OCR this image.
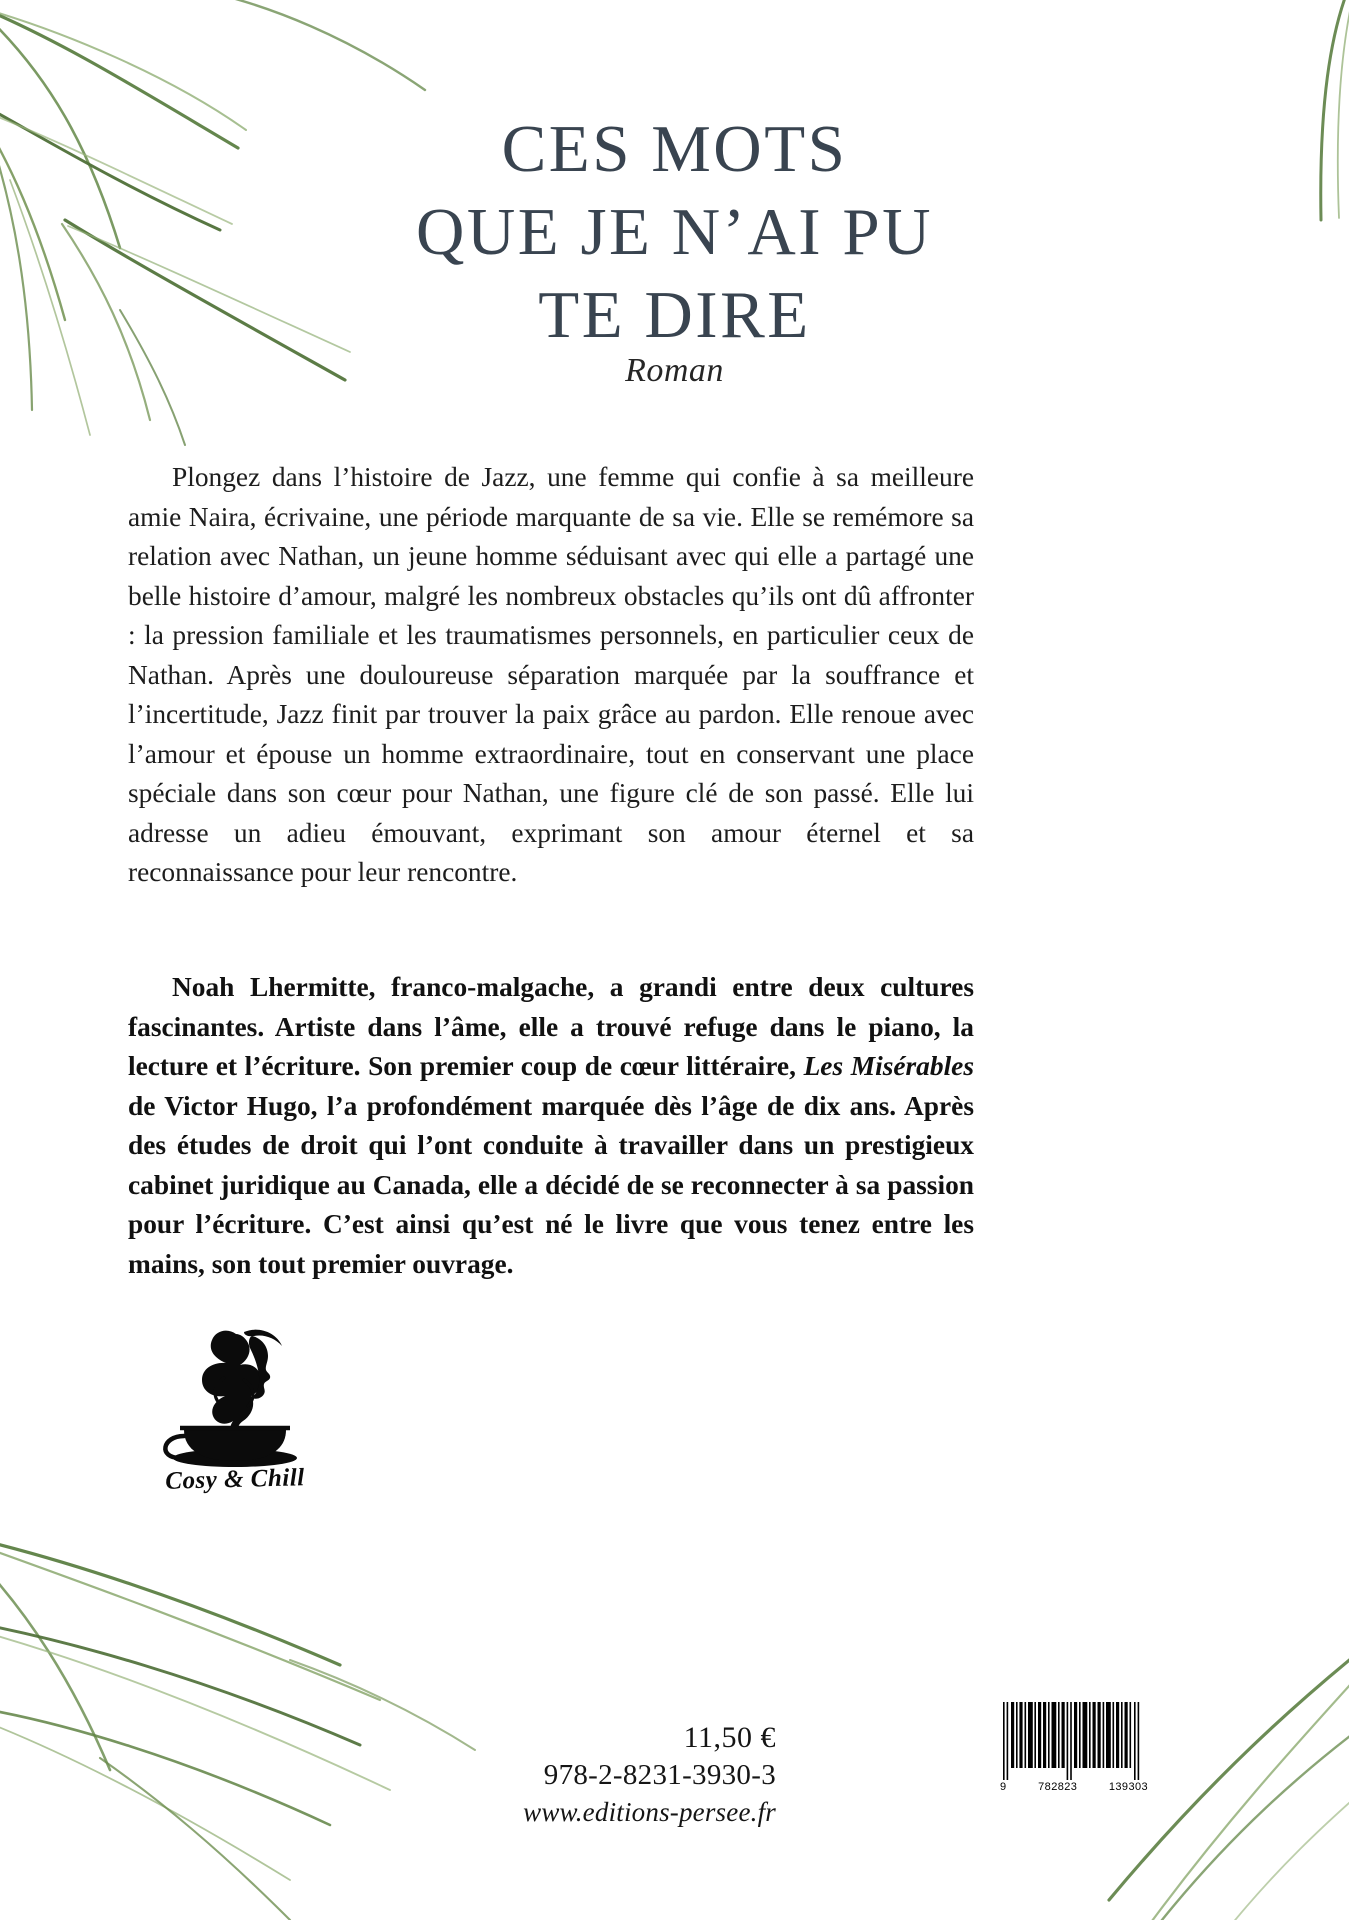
CES MOTS
QUE JE N’AI PU
TE DIRE
Roman
Plongez dans l’histoire de Jazz, une femme qui confie à sa meilleure amie Naira, écrivaine, une période marquante de sa vie. Elle se remémore sa relation avec Nathan, un jeune homme séduisant avec qui elle a partagé une belle histoire d’amour, malgré les nombreux obstacles qu’ils ont dû affronter : la pression familiale et les traumatismes personnels, en particulier ceux de Nathan. Après une douloureuse séparation marquée par la souffrance et l’incertitude, Jazz finit par trouver la paix grâce au pardon. Elle renoue avec l’amour et épouse un homme extraordinaire, tout en conservant une place spéciale dans son cœur pour Nathan, une figure clé de son passé. Elle lui adresse un adieu émouvant, exprimant son amour éternel et sa reconnaissance pour leur rencontre.
Noah Lhermitte, franco-malgache, a grandi entre deux cultures fascinantes. Artiste dans l’âme, elle a trouvé refuge dans le piano, la lecture et l’écriture. Son premier coup de cœur littéraire, Les Misérables de Victor Hugo, l’a profondément marquée dès l’âge de dix ans. Après des études de droit qui l’ont conduite à travailler dans un prestigieux cabinet juridique au Canada, elle a décidé de se reconnecter à sa passion pour l’écriture. C’est ainsi qu’est né le livre que vous tenez entre les mains, son tout premier ouvrage.
Cosy & Chill
11,50 €
978-2-8231-3930-3
www.editions-persee.fr
9	782823	139303
